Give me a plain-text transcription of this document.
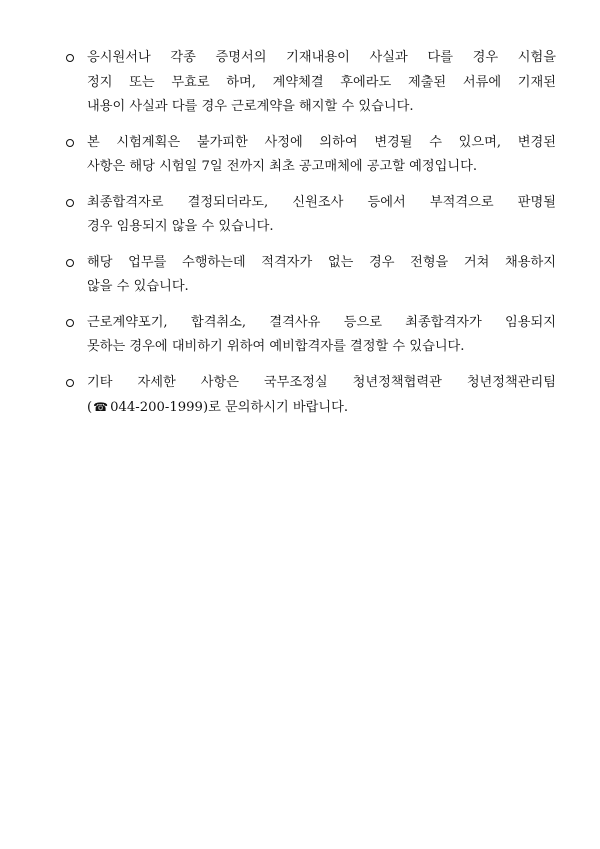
응시원서나 각종 증명서의 기재내용이 사실과 다를 경우 시험을
정지 또는 무효로 하며, 계약체결 후에라도 제출된 서류에 기재된
내용이 사실과 다를 경우 근로계약을 해지할 수 있습니다.
본 시험계획은 불가피한 사정에 의하여 변경될 수 있으며, 변경된
사항은 해당 시험일 7일 전까지 최초 공고매체에 공고할 예정입니다.
최종합격자로 결정되더라도, 신원조사 등에서 부적격으로 판명될
경우 임용되지 않을 수 있습니다.
해당 업무를 수행하는데 적격자가 없는 경우 전형을 거쳐 채용하지
않을 수 있습니다.
근로계약포기, 합격취소, 결격사유 등으로 최종합격자가 임용되지
못하는 경우에 대비하기 위하여 예비합격자를 결정할 수 있습니다.
기타 자세한 사항은 국무조정실 청년정책협력관 청년정책관리팀
(☎ 044-200-1999)로 문의하시기 바랍니다.
